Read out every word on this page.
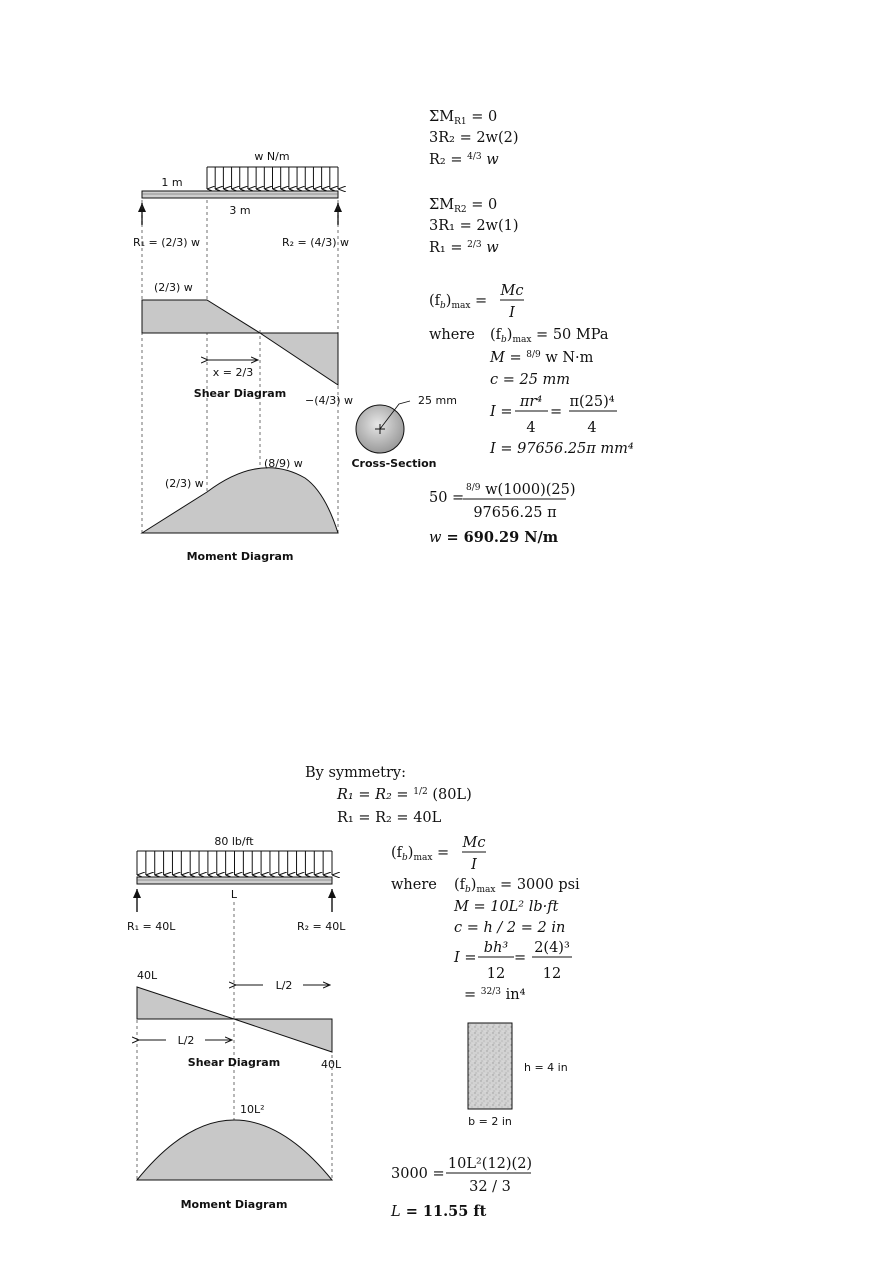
w N/m
1 m
3 m
R₁ = (2/3) w	R₂ = (4/3) w
(2/3) w
x = 2/3
Shear Diagram
−(4/3) w
(8/9) w
(2/3) w
Moment Diagram
25 mm
Cross-Section
$\Sigma M_{R1} = 0$
3R₂ = 2w(2)
R₂ = $^4$/3 w
$\Sigma M_{R2} = 0$
3R₁ = 2w(1)
R₁ = $^2$/3 w
$(f_b)_{max}$ =
Mc
I
where $(f_b)_{max} = 50$ MPa
M = $^8$/9 w N·m
c = 25 mm
I =
πr⁴
4
=
π(25)⁴
4
I = 97656.25π mm⁴
50 =
$^8$/9 w(1000)(25)
97656.25 π
w = 690.29 N/m
By symmetry:
R₁ = R₂ = $^1$/2 (80L)
R₁ = R₂ = 40L
80 lb/ft
L
R₁ = 40L	R₂ = 40L
40L
L/2
L/2
Shear Diagram	40L
10L²
Moment Diagram
$(f_b)_{max}$ =
Mc
I
where $(f_b)_{max} = 3000$ psi
M = 10L² lb·ft
c = h / 2 = 2 in
I =
bh³
12
=
2(4)³
12
= $^{32}$/3 in⁴
h = 4 in
b = 2 in
3000 =
10L²(12)(2)
32 / 3
L = 11.55 ft
